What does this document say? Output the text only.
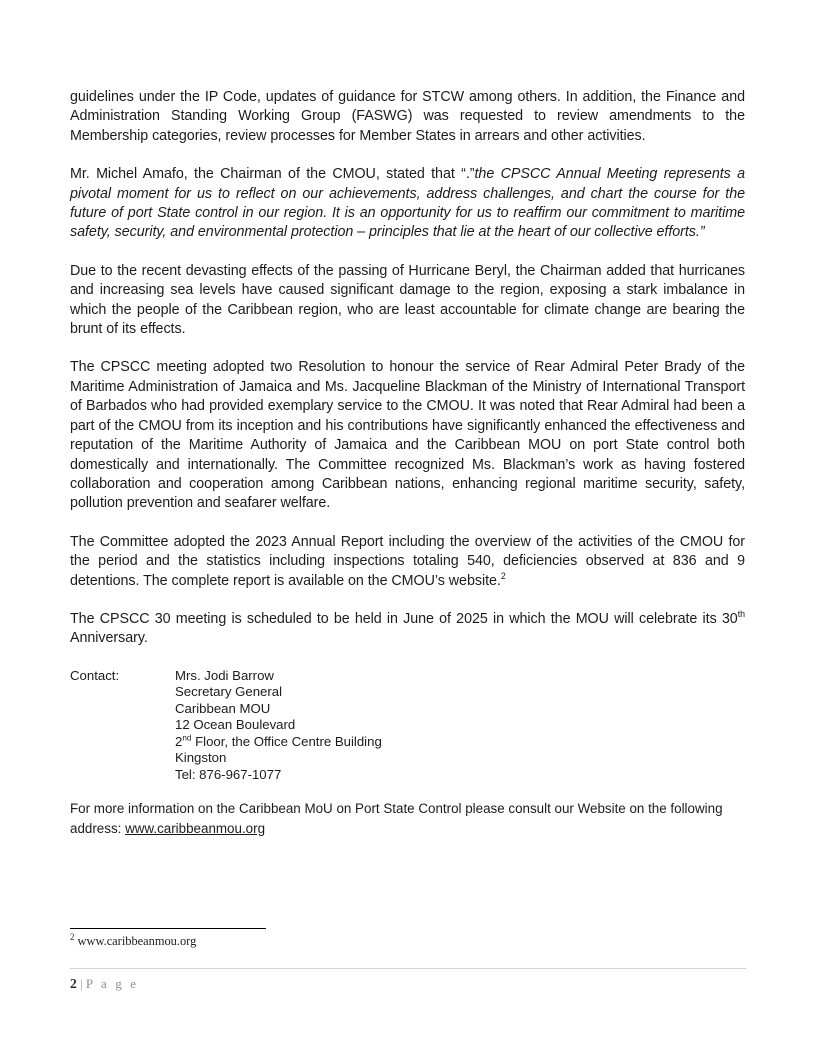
guidelines under the IP Code, updates of guidance for STCW among others. In addition, the Finance and Administration Standing Working Group (FASWG) was requested to review amendments to the Membership categories, review processes for Member States in arrears and other activities.

Mr. Michel Amafo, the Chairman of the CMOU, stated that “.”the CPSCC Annual Meeting represents a pivotal moment for us to reflect on our achievements, address challenges, and chart the course for the future of port State control in our region. It is an opportunity for us to reaffirm our commitment to maritime safety, security, and environmental protection – principles that lie at the heart of our collective efforts.”

Due to the recent devasting effects of the passing of Hurricane Beryl, the Chairman added that hurricanes and increasing sea levels have caused significant damage to the region, exposing a stark imbalance in which the people of the Caribbean region, who are least accountable for climate change are bearing the brunt of its effects.

The CPSCC meeting adopted two Resolution to honour the service of Rear Admiral Peter Brady of the Maritime Administration of Jamaica and Ms. Jacqueline Blackman of the Ministry of International Transport of Barbados who had provided exemplary service to the CMOU. It was noted that Rear Admiral had been a part of the CMOU from its inception and his contributions have significantly enhanced the effectiveness and reputation of the Maritime Authority of Jamaica and the Caribbean MOU on port State control both domestically and internationally. The Committee recognized Ms. Blackman’s work as having fostered collaboration and cooperation among Caribbean nations, enhancing regional maritime security, safety, pollution prevention and seafarer welfare.

The Committee adopted the 2023 Annual Report including the overview of the activities of the CMOU for the period and the statistics including inspections totaling 540, deficiencies observed at 836 and 9 detentions. The complete report is available on the CMOU’s website.$^2$

The CPSCC 30 meeting is scheduled to be held in June of 2025 in which the MOU will celebrate its 30th Anniversary.

Contact:	Mrs. Jodi Barrow
Secretary General
Caribbean MOU
12 Ocean Boulevard
2nd Floor, the Office Centre Building
Kingston
Tel: 876-967-1077

For more information on the Caribbean MoU on Port State Control please consult our Website on the following address: www.caribbeanmou.org

$^2$ www.caribbeanmou.org
2 | P a g e
